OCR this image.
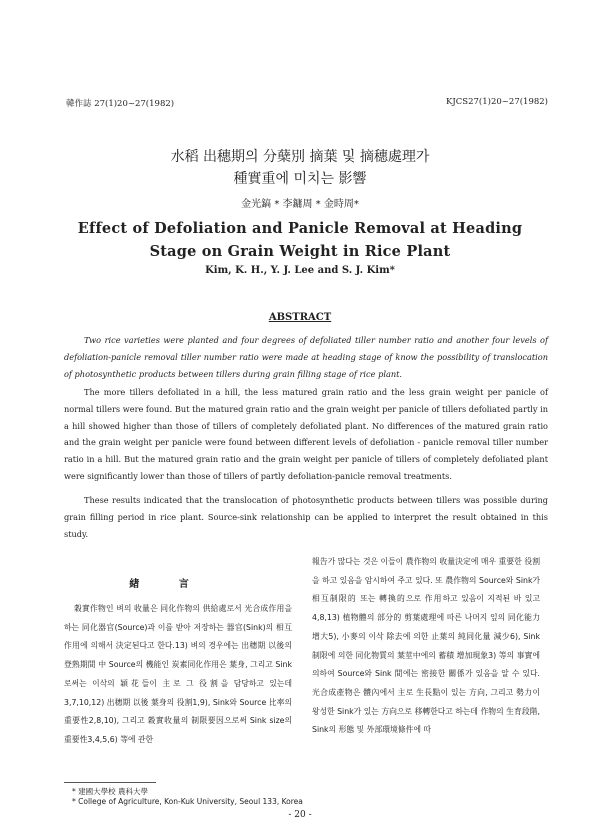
韓作誌 27(1)20~27(1982)	KJCS27(1)20~27(1982)
水稻 出穗期의 分蘖別 摘葉 및 摘穗處理가
種實重에 미치는 影響
金光鎬 * 李鏞周 * 金時周*
Effect of Defoliation and Panicle Removal at Heading
Stage on Grain Weight in Rice Plant
Kim, K. H., Y. J. Lee and S. J. Kim*
ABSTRACT

Two rice varieties were planted and four degrees of defoliated tiller number ratio and another four levels of defoliation-panicle removal tiller number ratio were made at heading stage of know the possibility of translocation of photosynthetic products between tillers during grain filling stage of rice plant.

The more tillers defoliated in a hill, the less matured grain ratio and the less grain weight per panicle of normal tillers were found. But the matured grain ratio and the grain weight per panicle of tillers defoliated partly in a hill showed higher than those of tillers of completely defoliated plant. No differences of the matured grain ratio and the grain weight per panicle were found between different levels of defoliation - panicle removal tiller number ratio in a hill. But the matured grain ratio and the grain weight per panicle of tillers of completely defoliated plant were significantly lower than those of tillers of partly defoliation-panicle removal treatments.

These results indicated that the translocation of photosynthetic products between tillers was possible during grain filling period in rice plant. Source-sink relationship can be applied to interpret the result obtained in this study.

緖 言

穀實作物인 벼의 收量은 同化作物의 供給處로서 光合成作用을 하는 同化器官(Source)과 이를 받아 저장하는 器官(Sink)의 相互作用에 의해서 決定된다고 한다.13) 벼의 경우에는 出穗期 以後의 登熟期間 中 Source의 機能인 炭素同化作用은 葉身, 그리고 Sink로써는 이삭의 穎花들이 主로 그 役割을 담당하고 있는데3,7,10,12) 出穗期 以後 葉身의 役割1,9), Sink와 Source 比率의 重要性2,8,10), 그리고 穀實收量의 制限要因으로써 Sink size의 重要性3,4,5,6) 等에 관한

報告가 많다는 것은 이들이 農作物의 收量決定에 매우 重要한 役割을 하고 있음을 암시하여 주고 있다. 또 農作物의 Source와 Sink가 相互制限的 또는 轉換的으로 作用하고 있음이 지적된 바 있고4,8,13) 植物體의 部分的 剪葉處理에 따른 나머지 잎의 同化能力 增大5), 小麥의 이삭 除去에 의한 止葉의 純同化量 減少6), Sink 制限에 의한 同化物質의 葉莖中에의 蓄積 增加現象3) 等의 事實에 의하여 Source와 Sink 間에는 密接한 關係가 있음을 알 수 있다. 光合成產物은 體內에서 主로 生長點이 있는 方向, 그리고 勢力이 왕성한 Sink가 있는 方向으로 移轉한다고 하는데 作物의 生育段階, Sink의 形態 및 外部環境條件에 따

* 建國大學校 農科大學
* College of Agriculture, Kon-Kuk University, Seoul 133, Korea
- 20 -
